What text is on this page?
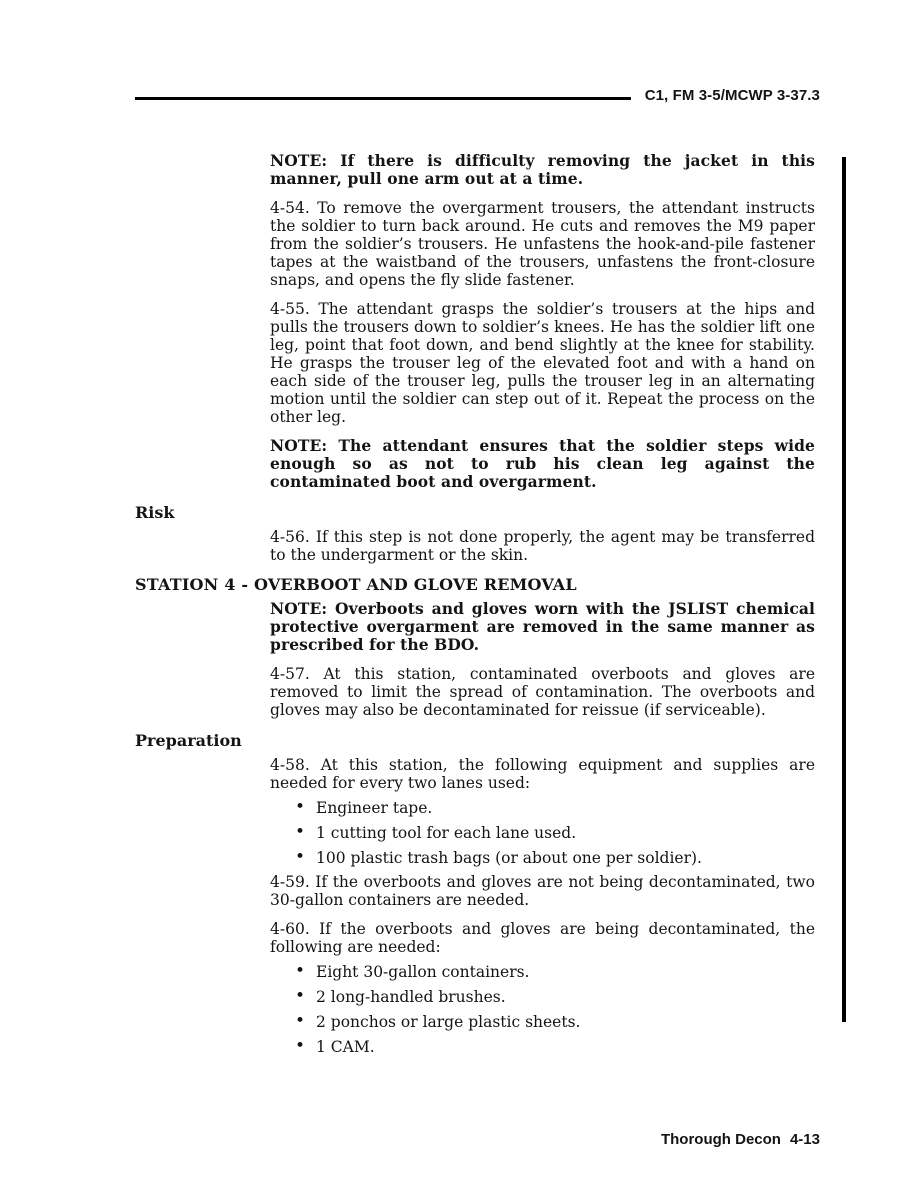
C1, FM 3-5/MCWP 3-37.3

NOTE: If there is difficulty removing the jacket in this manner, pull one arm out at a time.

4-54. To remove the overgarment trousers, the attendant instructs the soldier to turn back around. He cuts and removes the M9 paper from the soldier’s trousers. He unfastens the hook-and-pile fastener tapes at the waistband of the trousers, unfastens the front-closure snaps, and opens the fly slide fastener.

4-55. The attendant grasps the soldier’s trousers at the hips and pulls the trousers down to soldier’s knees. He has the soldier lift one leg, point that foot down, and bend slightly at the knee for stability. He grasps the trouser leg of the elevated foot and with a hand on each side of the trouser leg, pulls the trouser leg in an alternating motion until the soldier can step out of it. Repeat the process on the other leg.

NOTE: The attendant ensures that the soldier steps wide enough so as not to rub his clean leg against the contaminated boot and overgarment.

Risk

4-56. If this step is not done properly, the agent may be transferred to the undergarment or the skin.

STATION 4 - OVERBOOT AND GLOVE REMOVAL

NOTE: Overboots and gloves worn with the JSLIST chemical protective overgarment are removed in the same manner as prescribed for the BDO.

4-57. At this station, contaminated overboots and gloves are removed to limit the spread of contamination. The overboots and gloves may also be decontaminated for reissue (if serviceable).

Preparation

4-58. At this station, the following equipment and supplies are needed for every two lanes used:

• Engineer tape.
• 1 cutting tool for each lane used.
• 100 plastic trash bags (or about one per soldier).

4-59. If the overboots and gloves are not being decontaminated, two 30-gallon containers are needed.

4-60. If the overboots and gloves are being decontaminated, the following are needed:

• Eight 30-gallon containers.
• 2 long-handled brushes.
• 2 ponchos or large plastic sheets.
• 1 CAM.
Thorough Decon 4-13
